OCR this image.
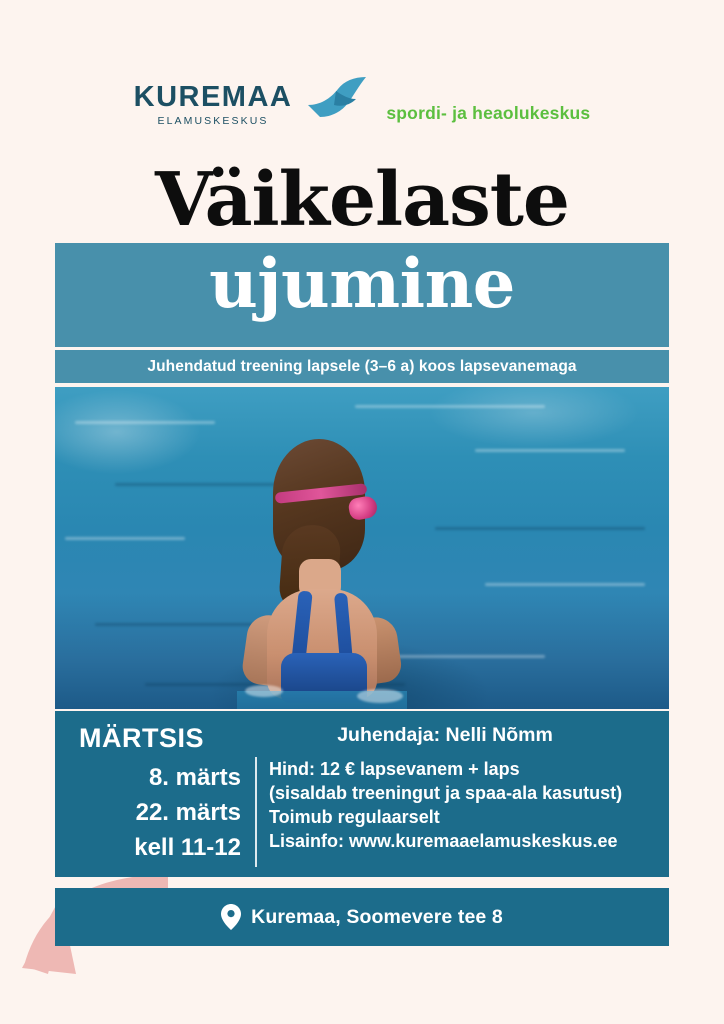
KUREMAA
ELAMUSKESKUS	spordi- ja heaolukeskus
Väikelaste
ujumine
Juhendatud treening lapsele (3–6 a) koos lapsevanemaga
MÄRTSIS
8. märts
22. märts
kell 11-12
Juhendaja: Nelli Nõmm
Hind: 12 € lapsevanem + laps
(sisaldab treeningut ja spaa-ala kasutust)
Toimub regulaarselt
Lisainfo: www.kuremaaelamuskeskus.ee
Kuremaa, Soomevere tee 8
